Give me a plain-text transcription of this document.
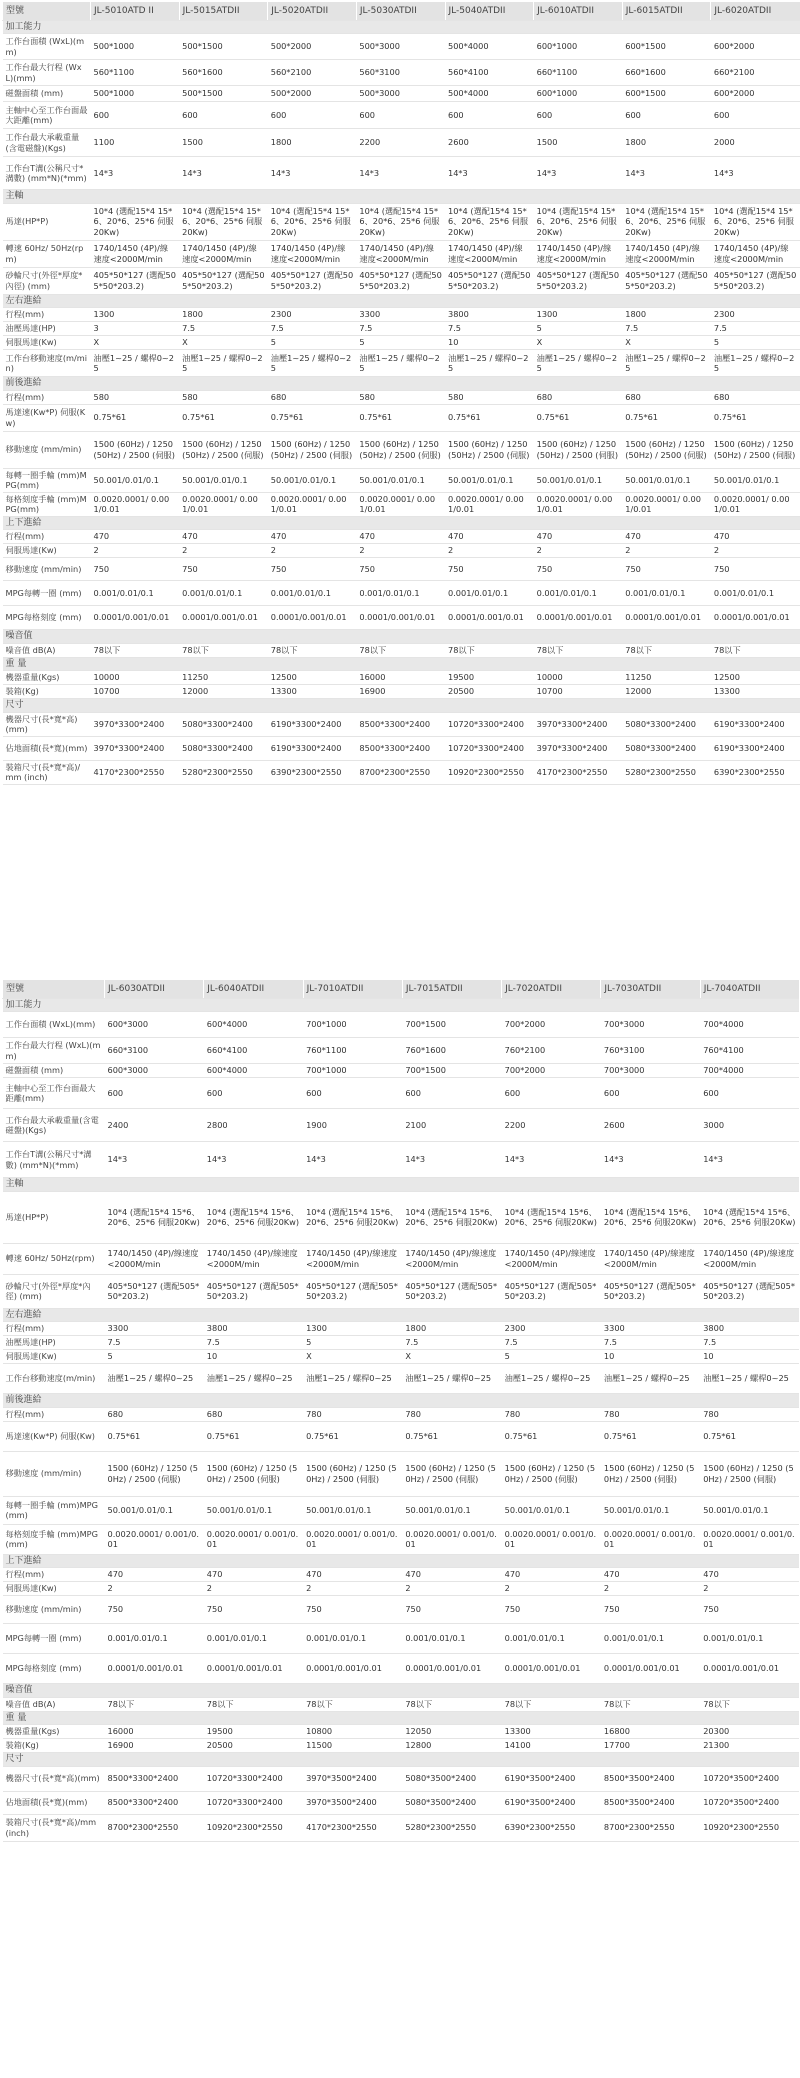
型號	JL-5010ATD II	JL-5015ATDII	JL-5020ATDII	JL-5030ATDII	JL-5040ATDII	JL-6010ATDII	JL-6015ATDII	JL-6020ATDII
加工能力								
工作台面積 (WxL)(mm)	500*1000	500*1500	500*2000	500*3000	500*4000	600*1000	600*1500	600*2000
工作台最大行程 (WxL)(mm)	560*1100	560*1600	560*2100	560*3100	560*4100	660*1100	660*1600	660*2100
磁盤面積 (mm)	500*1000	500*1500	500*2000	500*3000	500*4000	600*1000	600*1500	600*2000
主軸中心至工作台面最大距離(mm)	600	600	600	600	600	600	600	600
工作台最大承載重量(含電磁盤)(Kgs)	1100	1500	1800	2200	2600	1500	1800	2000
工作台T溝(公稱尺寸*溝數) (mm*N)(*mm)	14*3	14*3	14*3	14*3	14*3	14*3	14*3	14*3
主軸								
馬達(HP*P)	10*4 (選配15*4 15*6、20*6、25*6 伺服20Kw)	10*4 (選配15*4 15*6、20*6、25*6 伺服20Kw)	10*4 (選配15*4 15*6、20*6、25*6 伺服20Kw)	10*4 (選配15*4 15*6、20*6、25*6 伺服20Kw)	10*4 (選配15*4 15*6、20*6、25*6 伺服20Kw)	10*4 (選配15*4 15*6、20*6、25*6 伺服20Kw)	10*4 (選配15*4 15*6、20*6、25*6 伺服20Kw)	10*4 (選配15*4 15*6、20*6、25*6 伺服20Kw)
轉速 60Hz/ 50Hz(rpm)	1740/1450 (4P)/線速度<2000M/min	1740/1450 (4P)/線速度<2000M/min	1740/1450 (4P)/線速度<2000M/min	1740/1450 (4P)/線速度<2000M/min	1740/1450 (4P)/線速度<2000M/min	1740/1450 (4P)/線速度<2000M/min	1740/1450 (4P)/線速度<2000M/min	1740/1450 (4P)/線速度<2000M/min
砂輪尺寸(外徑*厚度*內徑) (mm)	405*50*127 (選配505*50*203.2)	405*50*127 (選配505*50*203.2)	405*50*127 (選配505*50*203.2)	405*50*127 (選配505*50*203.2)	405*50*127 (選配505*50*203.2)	405*50*127 (選配505*50*203.2)	405*50*127 (選配505*50*203.2)	405*50*127 (選配505*50*203.2)
左右進給								
行程(mm)	1300	1800	2300	3300	3800	1300	1800	2300
油壓馬達(HP)	3	7.5	7.5	7.5	7.5	5	7.5	7.5
伺服馬達(Kw)	X	X	5	5	10	X	X	5
工作台移動速度(m/min)	油壓1~25 / 螺桿0~25	油壓1~25 / 螺桿0~25	油壓1~25 / 螺桿0~25	油壓1~25 / 螺桿0~25	油壓1~25 / 螺桿0~25	油壓1~25 / 螺桿0~25	油壓1~25 / 螺桿0~25	油壓1~25 / 螺桿0~25
前後進給								
行程(mm)	580	580	680	580	580	680	680	680
馬達速(Kw*P) 伺服(Kw)	0.75*61	0.75*61	0.75*61	0.75*61	0.75*61	0.75*61	0.75*61	0.75*61
移動速度 (mm/min)	1500 (60Hz) / 1250 (50Hz) / 2500 (伺服)	1500 (60Hz) / 1250 (50Hz) / 2500 (伺服)	1500 (60Hz) / 1250 (50Hz) / 2500 (伺服)	1500 (60Hz) / 1250 (50Hz) / 2500 (伺服)	1500 (60Hz) / 1250 (50Hz) / 2500 (伺服)	1500 (60Hz) / 1250 (50Hz) / 2500 (伺服)	1500 (60Hz) / 1250 (50Hz) / 2500 (伺服)	1500 (60Hz) / 1250 (50Hz) / 2500 (伺服)
每轉一圈手輪 (mm)MPG(mm)	50.001/0.01/0.1	50.001/0.01/0.1	50.001/0.01/0.1	50.001/0.01/0.1	50.001/0.01/0.1	50.001/0.01/0.1	50.001/0.01/0.1	50.001/0.01/0.1
每格刻度手輪 (mm)MPG(mm)	0.0020.0001/ 0.001/0.01	0.0020.0001/ 0.001/0.01	0.0020.0001/ 0.001/0.01	0.0020.0001/ 0.001/0.01	0.0020.0001/ 0.001/0.01	0.0020.0001/ 0.001/0.01	0.0020.0001/ 0.001/0.01	0.0020.0001/ 0.001/0.01
上下進給								
行程(mm)	470	470	470	470	470	470	470	470
伺服馬達(Kw)	2	2	2	2	2	2	2	2
移動速度 (mm/min)	750	750	750	750	750	750	750	750
MPG每轉一圈 (mm)	0.001/0.01/0.1	0.001/0.01/0.1	0.001/0.01/0.1	0.001/0.01/0.1	0.001/0.01/0.1	0.001/0.01/0.1	0.001/0.01/0.1	0.001/0.01/0.1
MPG每格刻度 (mm)	0.0001/0.001/0.01	0.0001/0.001/0.01	0.0001/0.001/0.01	0.0001/0.001/0.01	0.0001/0.001/0.01	0.0001/0.001/0.01	0.0001/0.001/0.01	0.0001/0.001/0.01
噪音值								
噪音值 dB(A)	78以下	78以下	78以下	78以下	78以下	78以下	78以下	78以下
重 量								
機器重量(Kgs)	10000	11250	12500	16000	19500	10000	11250	12500
裝箱(Kg)	10700	12000	13300	16900	20500	10700	12000	13300
尺寸								
機器尺寸(長*寬*高)(mm)	3970*3300*2400	5080*3300*2400	6190*3300*2400	8500*3300*2400	10720*3300*2400	3970*3300*2400	5080*3300*2400	6190*3300*2400
佔地面積(長*寬)(mm)	3970*3300*2400	5080*3300*2400	6190*3300*2400	8500*3300*2400	10720*3300*2400	3970*3300*2400	5080*3300*2400	6190*3300*2400
裝箱尺寸(長*寬*高)/mm (inch)	4170*2300*2550	5280*2300*2550	6390*2300*2550	8700*2300*2550	10920*2300*2550	4170*2300*2550	5280*2300*2550	6390*2300*2550
型號	JL-6030ATDII	JL-6040ATDII	JL-7010ATDII	JL-7015ATDII	JL-7020ATDII	JL-7030ATDII	JL-7040ATDII
加工能力							
工作台面積 (WxL)(mm)	600*3000	600*4000	700*1000	700*1500	700*2000	700*3000	700*4000
工作台最大行程 (WxL)(mm)	660*3100	660*4100	760*1100	760*1600	760*2100	760*3100	760*4100
磁盤面積 (mm)	600*3000	600*4000	700*1000	700*1500	700*2000	700*3000	700*4000
主軸中心至工作台面最大距離(mm)	600	600	600	600	600	600	600
工作台最大承載重量(含電磁盤)(Kgs)	2400	2800	1900	2100	2200	2600	3000
工作台T溝(公稱尺寸*溝數) (mm*N)(*mm)	14*3	14*3	14*3	14*3	14*3	14*3	14*3
主軸							
馬達(HP*P)	10*4 (選配15*4 15*6、20*6、25*6 伺服20Kw)	10*4 (選配15*4 15*6、20*6、25*6 伺服20Kw)	10*4 (選配15*4 15*6、20*6、25*6 伺服20Kw)	10*4 (選配15*4 15*6、20*6、25*6 伺服20Kw)	10*4 (選配15*4 15*6、20*6、25*6 伺服20Kw)	10*4 (選配15*4 15*6、20*6、25*6 伺服20Kw)	10*4 (選配15*4 15*6、20*6、25*6 伺服20Kw)
轉速 60Hz/ 50Hz(rpm)	1740/1450 (4P)/線速度<2000M/min	1740/1450 (4P)/線速度<2000M/min	1740/1450 (4P)/線速度<2000M/min	1740/1450 (4P)/線速度<2000M/min	1740/1450 (4P)/線速度<2000M/min	1740/1450 (4P)/線速度<2000M/min	1740/1450 (4P)/線速度<2000M/min
砂輪尺寸(外徑*厚度*內徑) (mm)	405*50*127 (選配505*50*203.2)	405*50*127 (選配505*50*203.2)	405*50*127 (選配505*50*203.2)	405*50*127 (選配505*50*203.2)	405*50*127 (選配505*50*203.2)	405*50*127 (選配505*50*203.2)	405*50*127 (選配505*50*203.2)
左右進給							
行程(mm)	3300	3800	1300	1800	2300	3300	3800
油壓馬達(HP)	7.5	7.5	5	7.5	7.5	7.5	7.5
伺服馬達(Kw)	5	10	X	X	5	10	10
工作台移動速度(m/min)	油壓1~25 / 螺桿0~25	油壓1~25 / 螺桿0~25	油壓1~25 / 螺桿0~25	油壓1~25 / 螺桿0~25	油壓1~25 / 螺桿0~25	油壓1~25 / 螺桿0~25	油壓1~25 / 螺桿0~25
前後進給							
行程(mm)	680	680	780	780	780	780	780
馬達速(Kw*P) 伺服(Kw)	0.75*61	0.75*61	0.75*61	0.75*61	0.75*61	0.75*61	0.75*61
移動速度 (mm/min)	1500 (60Hz) / 1250 (50Hz) / 2500 (伺服)	1500 (60Hz) / 1250 (50Hz) / 2500 (伺服)	1500 (60Hz) / 1250 (50Hz) / 2500 (伺服)	1500 (60Hz) / 1250 (50Hz) / 2500 (伺服)	1500 (60Hz) / 1250 (50Hz) / 2500 (伺服)	1500 (60Hz) / 1250 (50Hz) / 2500 (伺服)	1500 (60Hz) / 1250 (50Hz) / 2500 (伺服)
每轉一圈手輪 (mm)MPG(mm)	50.001/0.01/0.1	50.001/0.01/0.1	50.001/0.01/0.1	50.001/0.01/0.1	50.001/0.01/0.1	50.001/0.01/0.1	50.001/0.01/0.1
每格刻度手輪 (mm)MPG(mm)	0.0020.0001/ 0.001/0.01	0.0020.0001/ 0.001/0.01	0.0020.0001/ 0.001/0.01	0.0020.0001/ 0.001/0.01	0.0020.0001/ 0.001/0.01	0.0020.0001/ 0.001/0.01	0.0020.0001/ 0.001/0.01
上下進給							
行程(mm)	470	470	470	470	470	470	470
伺服馬達(Kw)	2	2	2	2	2	2	2
移動速度 (mm/min)	750	750	750	750	750	750	750
MPG每轉一圈 (mm)	0.001/0.01/0.1	0.001/0.01/0.1	0.001/0.01/0.1	0.001/0.01/0.1	0.001/0.01/0.1	0.001/0.01/0.1	0.001/0.01/0.1
MPG每格刻度 (mm)	0.0001/0.001/0.01	0.0001/0.001/0.01	0.0001/0.001/0.01	0.0001/0.001/0.01	0.0001/0.001/0.01	0.0001/0.001/0.01	0.0001/0.001/0.01
噪音值							
噪音值 dB(A)	78以下	78以下	78以下	78以下	78以下	78以下	78以下
重 量							
機器重量(Kgs)	16000	19500	10800	12050	13300	16800	20300
裝箱(Kg)	16900	20500	11500	12800	14100	17700	21300
尺寸							
機器尺寸(長*寬*高)(mm)	8500*3300*2400	10720*3300*2400	3970*3500*2400	5080*3500*2400	6190*3500*2400	8500*3500*2400	10720*3500*2400
佔地面積(長*寬)(mm)	8500*3300*2400	10720*3300*2400	3970*3500*2400	5080*3500*2400	6190*3500*2400	8500*3500*2400	10720*3500*2400
裝箱尺寸(長*寬*高)/mm (inch)	8700*2300*2550	10920*2300*2550	4170*2300*2550	5280*2300*2550	6390*2300*2550	8700*2300*2550	10920*2300*2550
